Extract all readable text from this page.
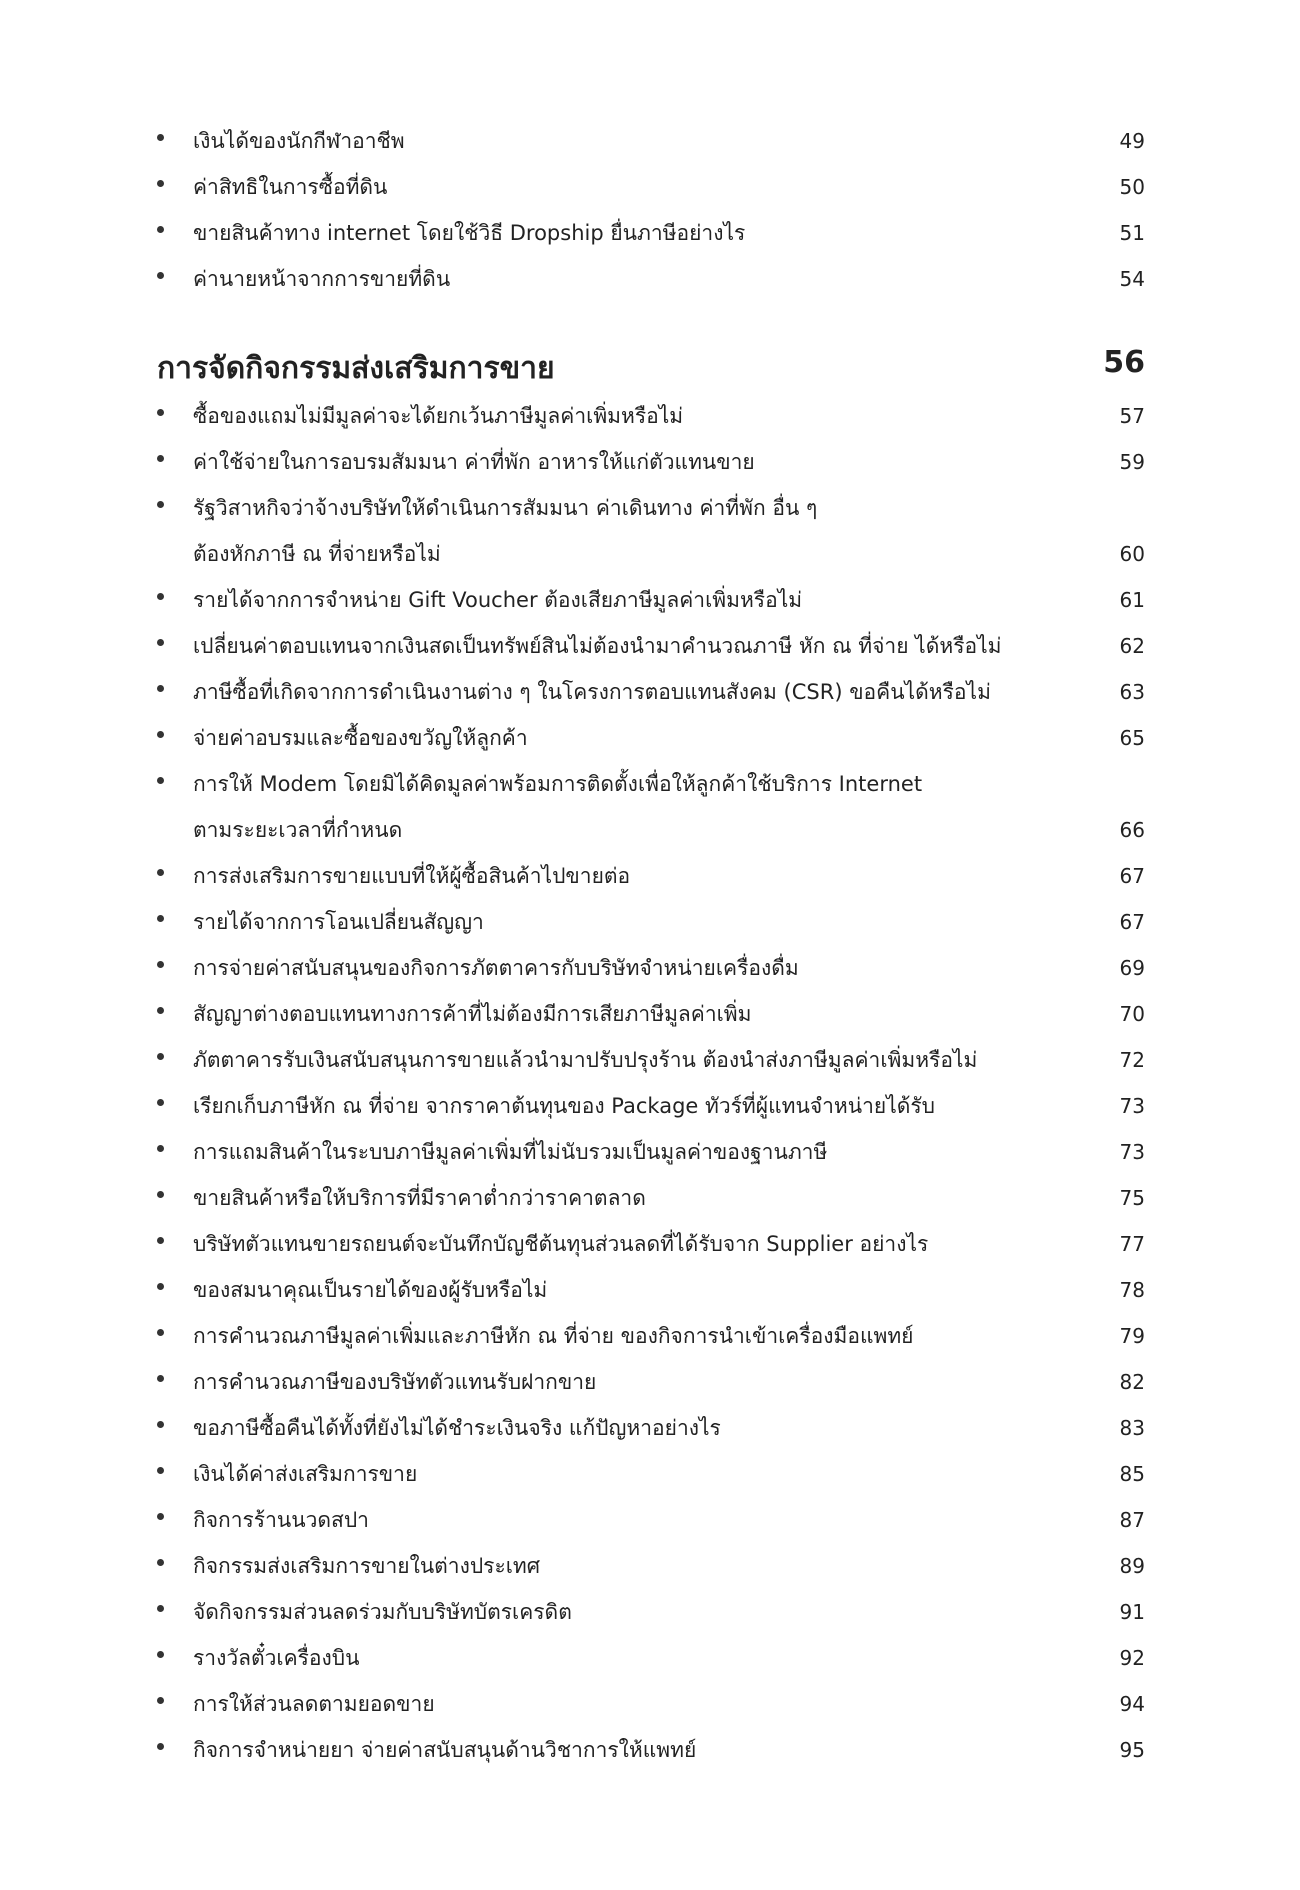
เงินได้ของนักกีฬาอาชีพ	49
ค่าสิทธิในการซื้อที่ดิน	50
ขายสินค้าทาง internet โดยใช้วิธี Dropship ยื่นภาษีอย่างไร	51
ค่านายหน้าจากการขายที่ดิน	54
การจัดกิจกรรมส่งเสริมการขาย	56
ซื้อของแถมไม่มีมูลค่าจะได้ยกเว้นภาษีมูลค่าเพิ่มหรือไม่	57
ค่าใช้จ่ายในการอบรมสัมมนา ค่าที่พัก อาหารให้แก่ตัวแทนขาย	59
รัฐวิสาหกิจว่าจ้างบริษัทให้ดำเนินการสัมมนา ค่าเดินทาง ค่าที่พัก อื่น ๆ
ต้องหักภาษี ณ ที่จ่ายหรือไม่	60
รายได้จากการจำหน่าย Gift Voucher ต้องเสียภาษีมูลค่าเพิ่มหรือไม่	61
เปลี่ยนค่าตอบแทนจากเงินสดเป็นทรัพย์สินไม่ต้องนำมาคำนวณภาษี หัก ณ ที่จ่าย ได้หรือไม่	62
ภาษีซื้อที่เกิดจากการดำเนินงานต่าง ๆ ในโครงการตอบแทนสังคม (CSR) ขอคืนได้หรือไม่	63
จ่ายค่าอบรมและซื้อของขวัญให้ลูกค้า	65
การให้ Modem โดยมิได้คิดมูลค่าพร้อมการติดตั้งเพื่อให้ลูกค้าใช้บริการ Internet
ตามระยะเวลาที่กำหนด	66
การส่งเสริมการขายแบบที่ให้ผู้ซื้อสินค้าไปขายต่อ	67
รายได้จากการโอนเปลี่ยนสัญญา	67
การจ่ายค่าสนับสนุนของกิจการภัตตาคารกับบริษัทจำหน่ายเครื่องดื่ม	69
สัญญาต่างตอบแทนทางการค้าที่ไม่ต้องมีการเสียภาษีมูลค่าเพิ่ม	70
ภัตตาคารรับเงินสนับสนุนการขายแล้วนำมาปรับปรุงร้าน ต้องนำส่งภาษีมูลค่าเพิ่มหรือไม่	72
เรียกเก็บภาษีหัก ณ ที่จ่าย จากราคาต้นทุนของ Package ทัวร์ที่ผู้แทนจำหน่ายได้รับ	73
การแถมสินค้าในระบบภาษีมูลค่าเพิ่มที่ไม่นับรวมเป็นมูลค่าของฐานภาษี	73
ขายสินค้าหรือให้บริการที่มีราคาต่ำกว่าราคาตลาด	75
บริษัทตัวแทนขายรถยนต์จะบันทึกบัญชีต้นทุนส่วนลดที่ได้รับจาก Supplier อย่างไร	77
ของสมนาคุณเป็นรายได้ของผู้รับหรือไม่	78
การคำนวณภาษีมูลค่าเพิ่มและภาษีหัก ณ ที่จ่าย ของกิจการนำเข้าเครื่องมือแพทย์	79
การคำนวณภาษีของบริษัทตัวแทนรับฝากขาย	82
ขอภาษีซื้อคืนได้ทั้งที่ยังไม่ได้ชำระเงินจริง แก้ปัญหาอย่างไร	83
เงินได้ค่าส่งเสริมการขาย	85
กิจการร้านนวดสปา	87
กิจกรรมส่งเสริมการขายในต่างประเทศ	89
จัดกิจกรรมส่วนลดร่วมกับบริษัทบัตรเครดิต	91
รางวัลตั๋วเครื่องบิน	92
การให้ส่วนลดตามยอดขาย	94
กิจการจำหน่ายยา จ่ายค่าสนับสนุนด้านวิชาการให้แพทย์	95
